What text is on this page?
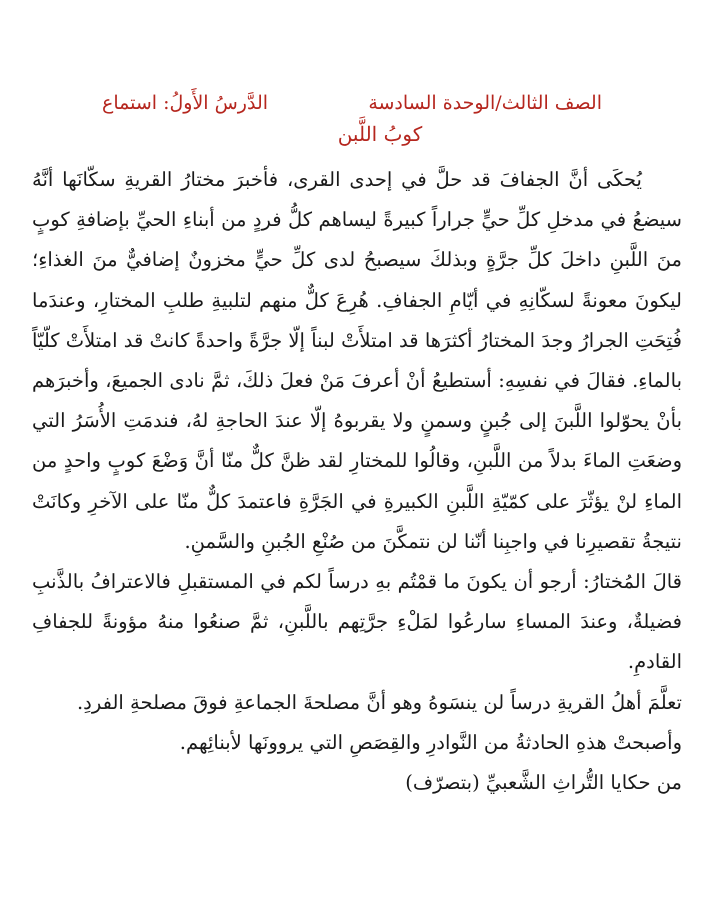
الصف الثالث/الوحدة السادسة
الدَّرسُ الأَولُ: استماع
كوبُ اللَّبن

يُحكَى أنَّ الجفافَ قد حلَّ في إحدى القرى، فأخبرَ مختارُ القريةِ سكّانَها أنَّهُ سيضعُ في مدخلِ كلِّ حيٍّ جراراً كبيرةً ليساهم كلُّ فردٍ من أبناءِ الحيِّ بإضافةِ كوبٍ منَ اللَّبنِ داخلَ كلِّ جرَّةٍ وبذلكَ سيصبحُ لدى كلِّ حيٍّ مخزونٌ إضافيٌّ منَ الغذاءِ؛ ليكونَ معونةً لسكّانِهِ في أيّامِ الجفافِ. هُرِعَ كلٌّ منهم لتلبيةِ طلبِ المختارِ، وعندَما فُتِحَتِ الجرارُ وجدَ المختارُ أكثرَها قد امتلأَتْ لبناً إلّا جرَّةً واحدةً كانتْ قد امتلأَتْ كلّيّاً بالماءِ. فقالَ في نفسِهِ: أستطيعُ أنْ أعرفَ مَنْ فعلَ ذلكَ، ثمَّ نادى الجميعَ، وأخبرَهم بأنْ يحوّلوا اللَّبنَ إلى جُبنٍ وسمنٍ ولا يقربوهُ إلّا عندَ الحاجةِ لهُ، فندمَتِ الأُسَرُ التي وضعَتِ الماءَ بدلاً من اللَّبنِ، وقالُوا للمختارِ لقد ظنَّ كلٌّ منّا أنَّ وَضْعَ كوبٍ واحدٍ من الماءِ لنْ يؤثّرَ على كمّيّةِ اللَّبنِ الكبيرةِ في الجَرَّةِ فاعتمدَ كلٌّ منّا على الآخرِ وكانَتْ نتيجةُ تقصيرِنا في واجبِنا أنّنا لن نتمكَّنَ من صُنْعِ الجُبنِ والسَّمنِ.

قالَ المُختارُ: أرجو أن يكونَ ما قمْتُم بهِ درساً لكم في المستقبلِ فالاعترافُ بالذَّنبِ فضيلةٌ، وعندَ المساءِ سارعُوا لمَلْءِ جرَّتِهم باللَّبنِ، ثمَّ صنعُوا منهُ مؤونةً للجفافِ القادمِ.

تعلَّمَ أهلُ القريةِ درساً لن ينسَوهُ وهو أنَّ مصلحةَ الجماعةِ فوقَ مصلحةِ الفردِ.

وأصبحتْ هذهِ الحادثةُ من النَّوادرِ والقِصَصِ التي يروونَها لأبنائِهم.

من حكايا التُّراثِ الشَّعبيِّ (بتصرّف)
